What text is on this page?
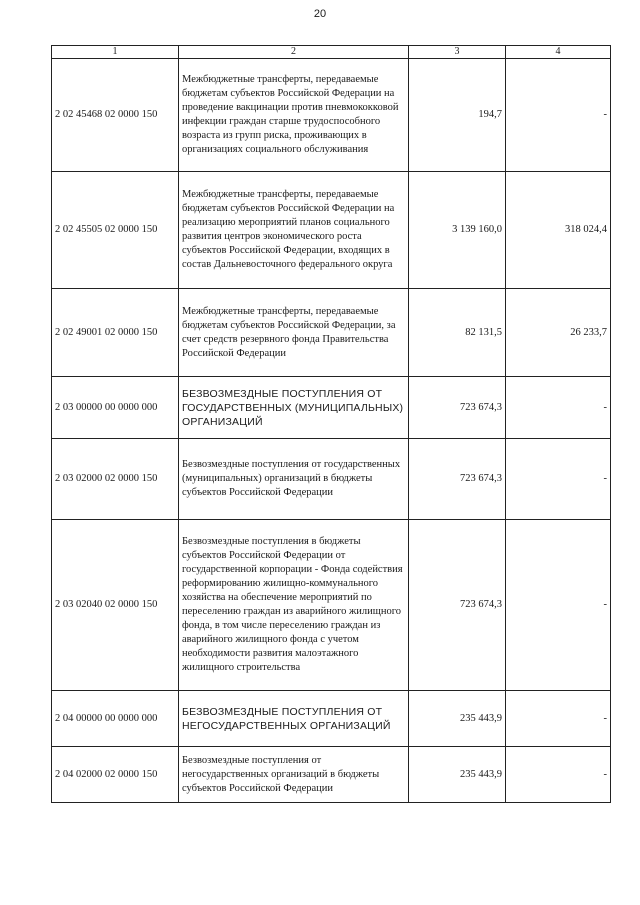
20
1	2	3	4
2 02 45468 02 0000 150	Межбюджетные трансферты, передаваемые бюджетам субъектов Российской Федерации на проведение вакцинации против пневмококковой инфекции граждан старше трудоспособного возраста из групп риска, проживающих в организациях социального обслуживания	194,7	-
2 02 45505 02 0000 150	Межбюджетные трансферты, передаваемые бюджетам субъектов Российской Федерации на реализацию мероприятий планов социального развития центров экономического роста субъектов Российской Федерации, входящих в состав Дальневосточного федерального округа	3 139 160,0	318 024,4
2 02 49001 02 0000 150	Межбюджетные трансферты, передаваемые бюджетам субъектов Российской Федерации, за счет средств резервного фонда Правительства Российской Федерации	82 131,5	26 233,7
2 03 00000 00 0000 000	БЕЗВОЗМЕЗДНЫЕ ПОСТУПЛЕНИЯ ОТ ГОСУДАРСТВЕННЫХ (МУНИЦИПАЛЬНЫХ) ОРГАНИЗАЦИЙ	723 674,3	-
2 03 02000 02 0000 150	Безвозмездные поступления от государственных (муниципальных) организаций в бюджеты субъектов Российской Федерации	723 674,3	-
2 03 02040 02 0000 150	Безвозмездные поступления в бюджеты субъектов Российской Федерации от государственной корпорации - Фонда содействия реформированию жилищно-коммунального хозяйства на обеспечение мероприятий по переселению граждан из аварийного жилищного фонда, в том числе переселению граждан из аварийного жилищного фонда с учетом необходимости развития малоэтажного жилищного строительства	723 674,3	-
2 04 00000 00 0000 000	БЕЗВОЗМЕЗДНЫЕ ПОСТУПЛЕНИЯ ОТ НЕГОСУДАРСТВЕННЫХ ОРГАНИЗАЦИЙ	235 443,9	-
2 04 02000 02 0000 150	Безвозмездные поступления от негосударственных организаций в бюджеты субъектов Российской Федерации	235 443,9	-
